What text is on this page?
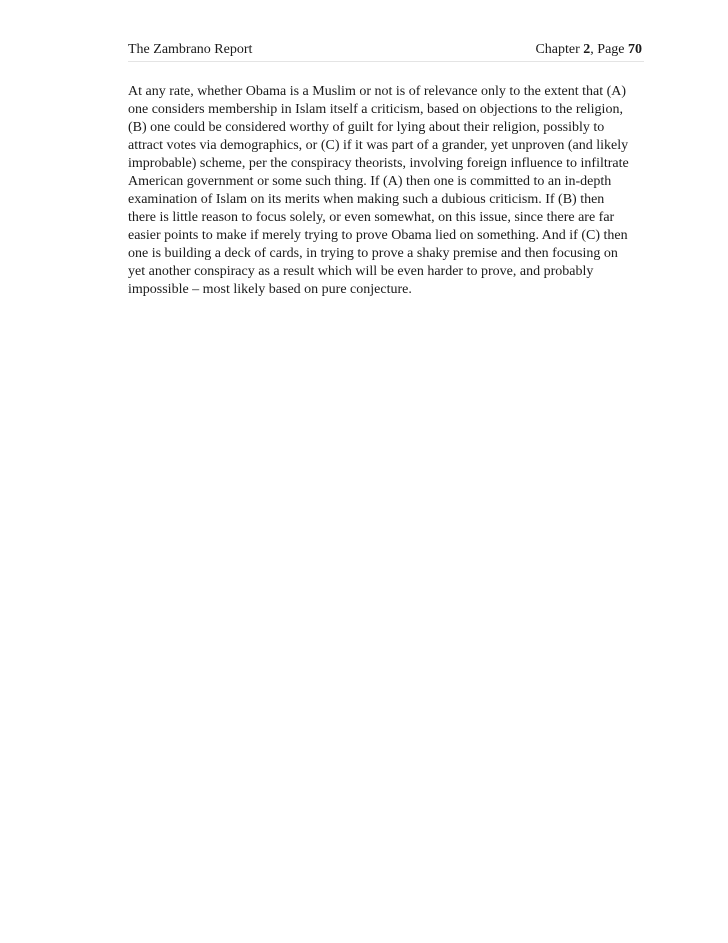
The Zambrano Report	Chapter 2, Page 70

At any rate, whether Obama is a Muslim or not is of relevance only to the extent that (A)
one considers membership in Islam itself a criticism, based on objections to the religion,
(B) one could be considered worthy of guilt for lying about their religion, possibly to
attract votes via demographics, or (C) if it was part of a grander, yet unproven (and likely
improbable) scheme, per the conspiracy theorists, involving foreign influence to infiltrate
American government or some such thing. If (A) then one is committed to an in-depth
examination of Islam on its merits when making such a dubious criticism. If (B) then
there is little reason to focus solely, or even somewhat, on this issue, since there are far
easier points to make if merely trying to prove Obama lied on something. And if (C) then
one is building a deck of cards, in trying to prove a shaky premise and then focusing on
yet another conspiracy as a result which will be even harder to prove, and probably
impossible – most likely based on pure conjecture.
